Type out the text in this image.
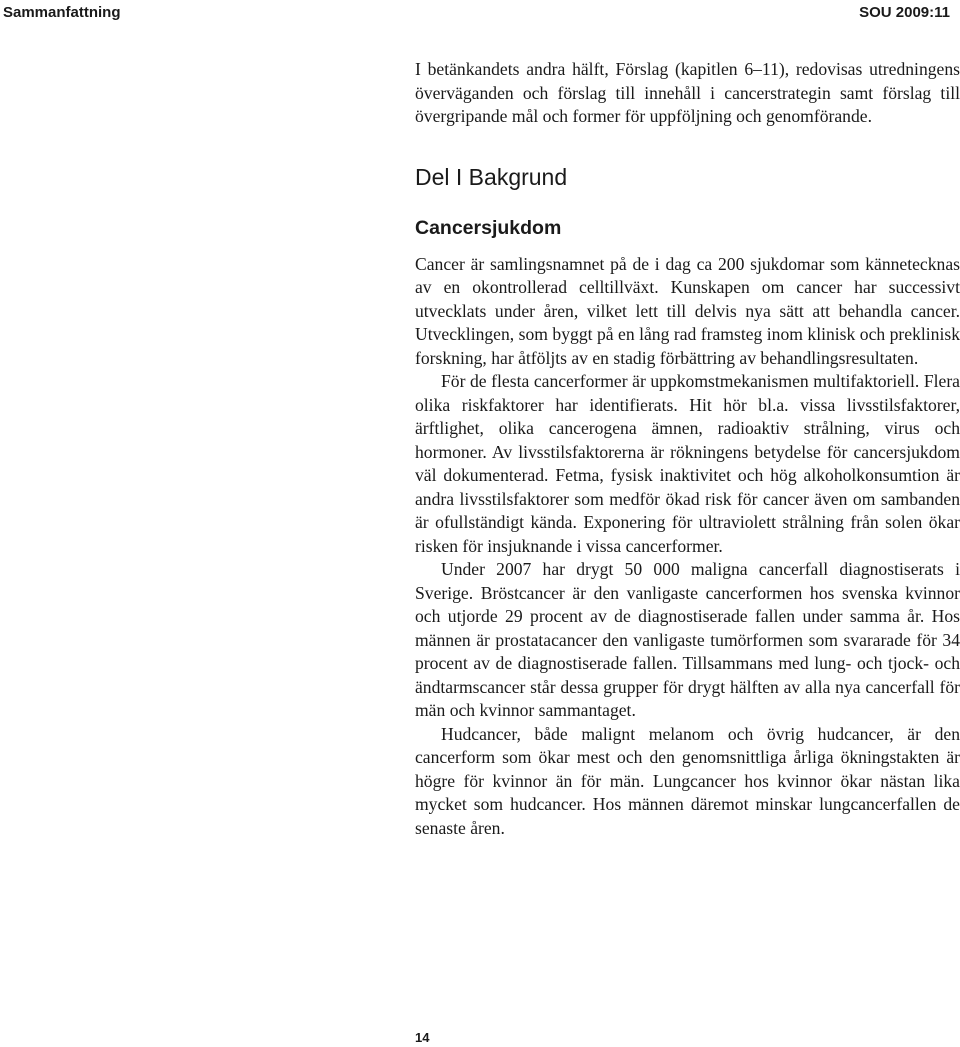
Sammanfattning	SOU 2009:11

I betänkandets andra hälft, Förslag (kapitlen 6–11), redovisas utredningens överväganden och förslag till innehåll i cancerstrategin samt förslag till övergripande mål och former för uppföljning och genomförande.

Del I Bakgrund
Cancersjukdom

Cancer är samlingsnamnet på de i dag ca 200 sjukdomar som kännetecknas av en okontrollerad celltillväxt. Kunskapen om cancer har successivt utvecklats under åren, vilket lett till delvis nya sätt att behandla cancer. Utvecklingen, som byggt på en lång rad framsteg inom klinisk och preklinisk forskning, har åtföljts av en stadig förbättring av behandlingsresultaten.

För de flesta cancerformer är uppkomstmekanismen multifaktoriell. Flera olika riskfaktorer har identifierats. Hit hör bl.a. vissa livsstilsfaktorer, ärftlighet, olika cancerogena ämnen, radioaktiv strålning, virus och hormoner. Av livsstilsfaktorerna är rökningens betydelse för cancersjukdom väl dokumenterad. Fetma, fysisk inaktivitet och hög alkoholkonsumtion är andra livsstilsfaktorer som medför ökad risk för cancer även om sambanden är ofullständigt kända. Exponering för ultraviolett strålning från solen ökar risken för insjuknande i vissa cancerformer.

Under 2007 har drygt 50 000 maligna cancerfall diagnostiserats i Sverige. Bröstcancer är den vanligaste cancerformen hos svenska kvinnor och utjorde 29 procent av de diagnostiserade fallen under samma år. Hos männen är prostatacancer den vanligaste tumörformen som svararade för 34 procent av de diagnostiserade fallen. Tillsammans med lung- och tjock- och ändtarmscancer står dessa grupper för drygt hälften av alla nya cancerfall för män och kvinnor sammantaget.

Hudcancer, både malignt melanom och övrig hudcancer, är den cancerform som ökar mest och den genomsnittliga årliga ökningstakten är högre för kvinnor än för män. Lungcancer hos kvinnor ökar nästan lika mycket som hudcancer. Hos männen däremot minskar lungcancerfallen de senaste åren.

14
